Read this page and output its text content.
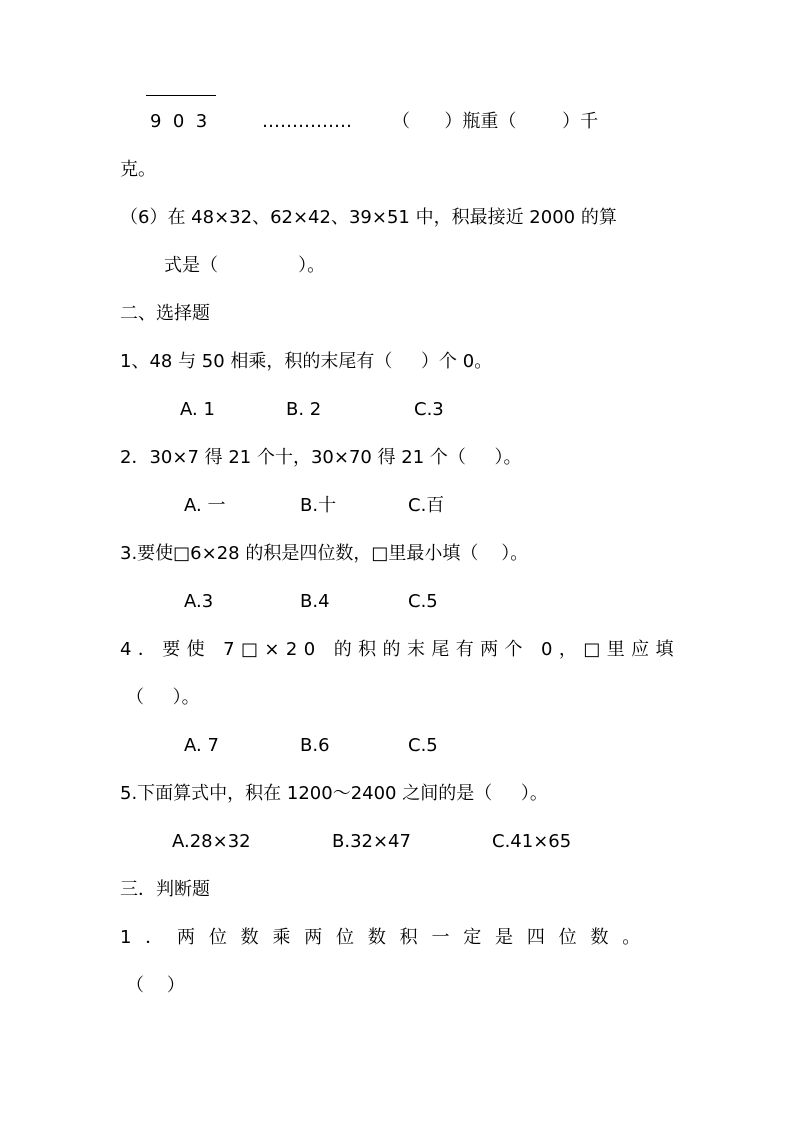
9  0  3	…………… （      ）瓶重（        ）千
克。
（6）在 48×32、62×42、39×51 中，积最接近 2000 的算
式是（              ）。
二、选择题
1、48 与 50 相乘，积的末尾有（     ）个 0。
A. 1	B. 2	C.3
2．30×7 得 21 个十，30×70 得 21 个（     ）。
A. 一	B.十	C.百
3.要使□6×28 的积是四位数，□里最小填（    ）。
A.3	B.4	C.5
4．要使 7□×20 的积的末尾有两个 0，□里应填
（     ）。
A. 7	B.6	C.5
5.下面算式中，积在 1200～2400 之间的是（     ）。
A.28×32	B.32×47	C.41×65
三．判断题
1．两位数乘两位数积一定是四位数。
（    ）
